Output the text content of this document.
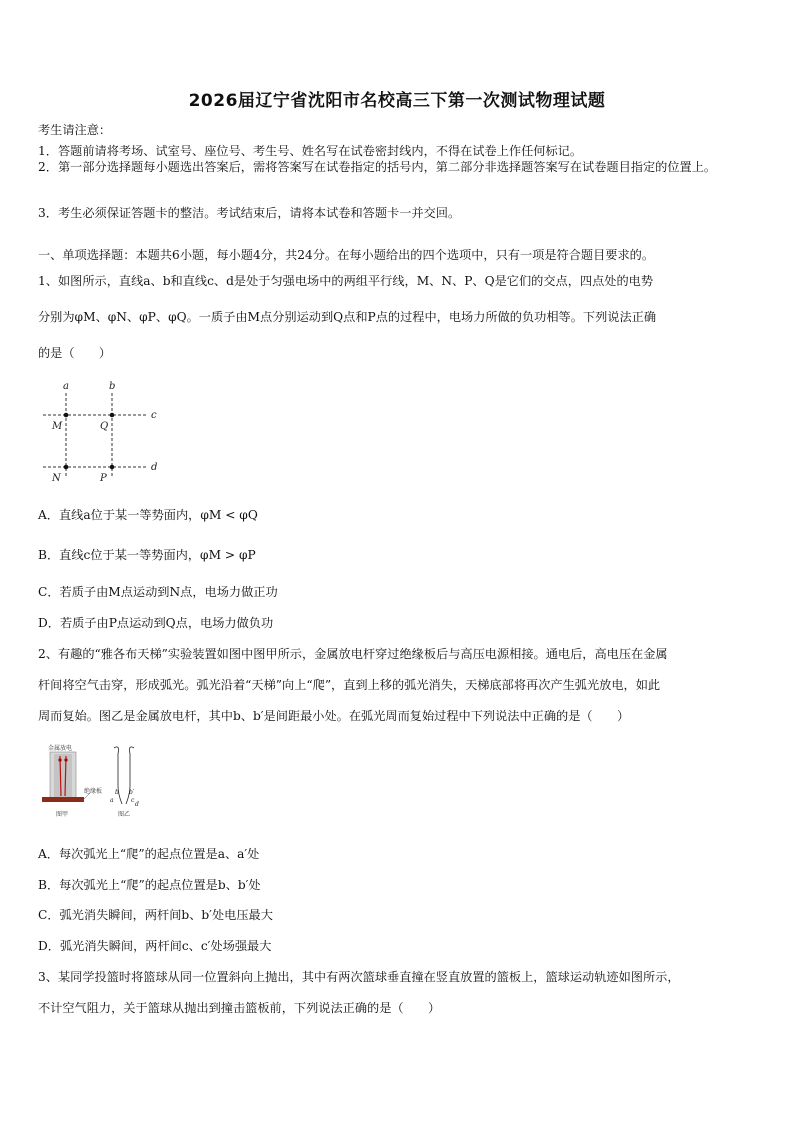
2026届辽宁省沈阳市名校高三下第一次测试物理试题
考生请注意：
1．答题前请将考场、试室号、座位号、考生号、姓名写在试卷密封线内，不得在试卷上作任何标记。
2．第一部分选择题每小题选出答案后，需将答案写在试卷指定的括号内，第二部分非选择题答案写在试卷题目指定的位置上。
3．考生必须保证答题卡的整洁。考试结束后，请将本试卷和答题卡一并交回。
一、单项选择题：本题共6小题，每小题4分，共24分。在每小题给出的四个选项中，只有一项是符合题目要求的。
1、如图所示，直线a、b和直线c、d是处于匀强电场中的两组平行线，M、N、P、Q是它们的交点，四点处的电势
分别为φM、φN、φP、φQ。一质子由M点分别运动到Q点和P点的过程中，电场力所做的负功相等。下列说法正确
的是（　　）
a	b
c
d
M	Q
N	P
A．直线a位于某一等势面内，φM < φQ
B．直线c位于某一等势面内，φM > φP
C．若质子由M点运动到N点，电场力做正功
D．若质子由P点运动到Q点，电场力做负功
2、有趣的“雅各布天梯”实验装置如图中图甲所示，金属放电杆穿过绝缘板后与高压电源相接。通电后，高电压在金属
杆间将空气击穿，形成弧光。弧光沿着“天梯”向上“爬”，直到上移的弧光消失，天梯底部将再次产生弧光放电，如此
周而复始。图乙是金属放电杆，其中b、b′是间距最小处。在弧光周而复始过程中下列说法中正确的是（　　）
金属放电
绝缘板
图甲
a
b b′
c
d
图乙
A．每次弧光上“爬”的起点位置是a、a′处
B．每次弧光上“爬”的起点位置是b、b′处
C．弧光消失瞬间，两杆间b、b′处电压最大
D．弧光消失瞬间，两杆间c、c′处场强最大
3、某同学投篮时将篮球从同一位置斜向上抛出，其中有两次篮球垂直撞在竖直放置的篮板上，篮球运动轨迹如图所示，
不计空气阻力，关于篮球从抛出到撞击篮板前，下列说法正确的是（　　）
